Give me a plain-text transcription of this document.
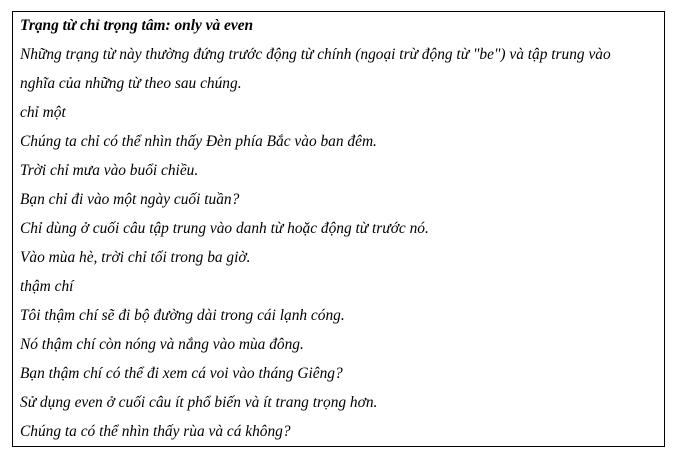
Trạng từ chỉ trọng tâm: only và even
Những trạng từ này thường đứng trước động từ chính (ngoại trừ động từ "be") và tập trung vào
nghĩa của những từ theo sau chúng.
chỉ một
Chúng ta chỉ có thể nhìn thấy Đèn phía Bắc vào ban đêm.
Trời chỉ mưa vào buổi chiều.
Bạn chỉ đi vào một ngày cuối tuần?
Chỉ dùng ở cuối câu tập trung vào danh từ hoặc động từ trước nó.
Vào mùa hè, trời chỉ tối trong ba giờ.
thậm chí
Tôi thậm chí sẽ đi bộ đường dài trong cái lạnh cóng.
Nó thậm chí còn nóng và nắng vào mùa đông.
Bạn thậm chí có thể đi xem cá voi vào tháng Giêng?
Sử dụng even ở cuối câu ít phổ biến và ít trang trọng hơn.
Chúng ta có thể nhìn thấy rùa và cá không?
